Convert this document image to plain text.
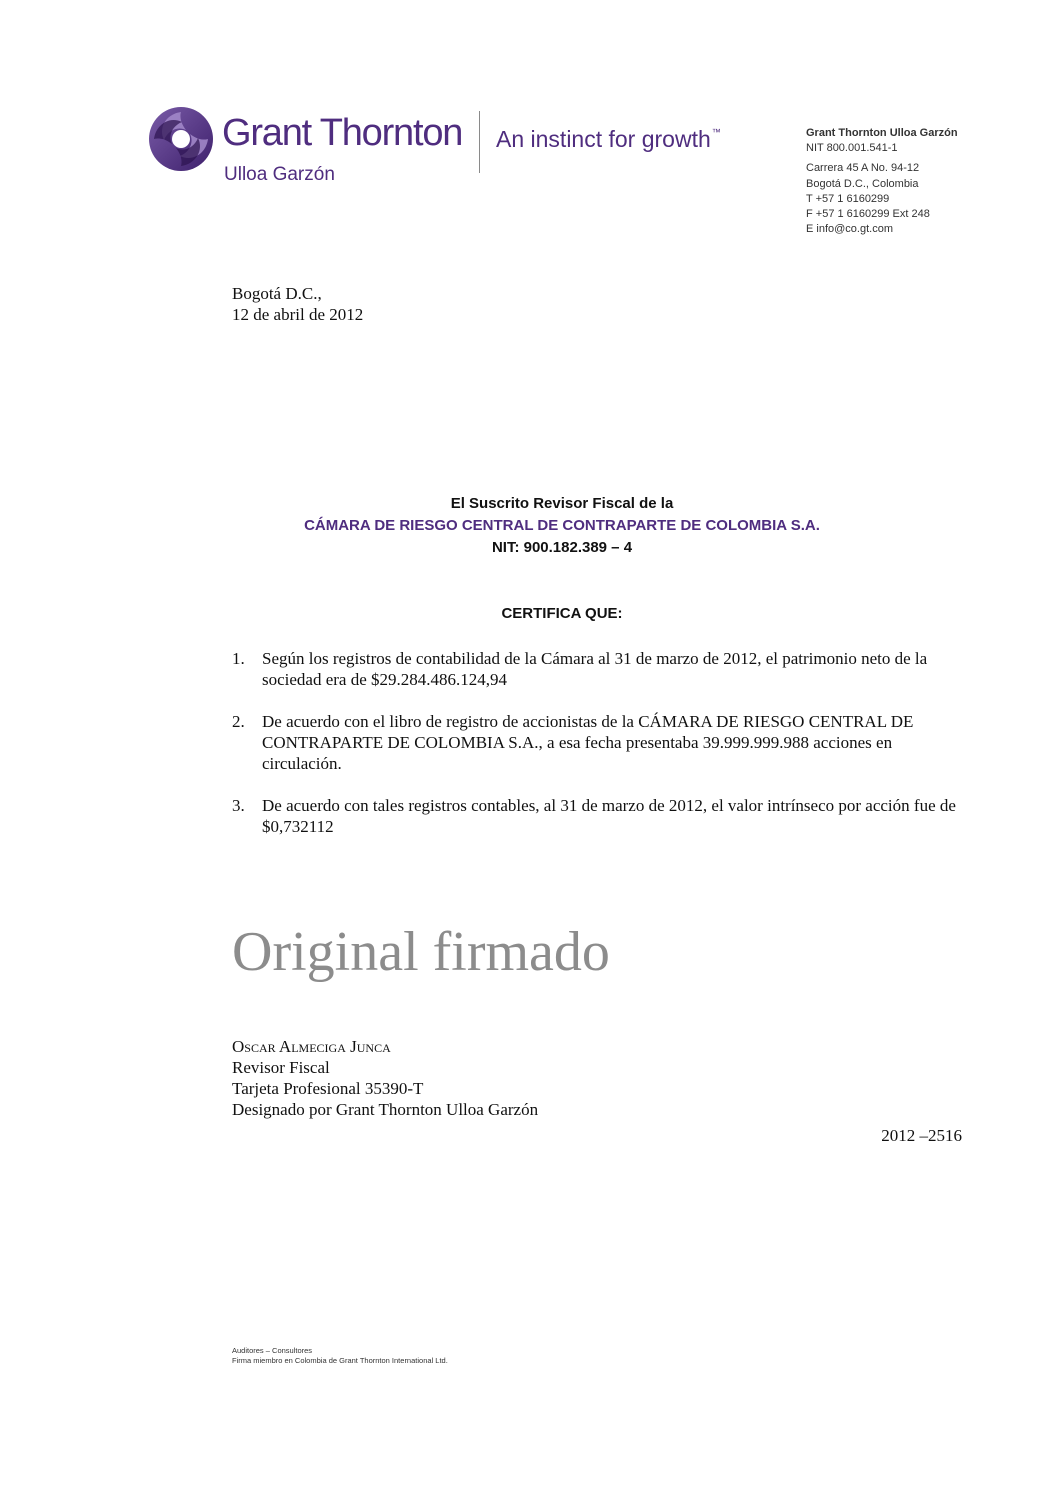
Grant Thornton
Ulloa Garzón
An instinct for growth™	Grant Thornton Ulloa Garzón
NIT 800.001.541-1
Carrera 45 A No. 94-12
Bogotá D.C., Colombia
T +57 1 6160299
F +57 1 6160299 Ext 248
E info@co.gt.com
Bogotá D.C.,
12 de abril de 2012
El Suscrito Revisor Fiscal de la
CÁMARA DE RIESGO CENTRAL DE CONTRAPARTE DE COLOMBIA S.A.
NIT: 900.182.389 – 4
CERTIFICA QUE:
1. Según los registros de contabilidad de la Cámara al 31 de marzo de 2012, el patrimonio neto de la sociedad era de $29.284.486.124,94
2. De acuerdo con el libro de registro de accionistas de la CÁMARA DE RIESGO CENTRAL DE CONTRAPARTE DE COLOMBIA S.A., a esa fecha presentaba 39.999.999.988 acciones en circulación.
3. De acuerdo con tales registros contables, al 31 de marzo de 2012, el valor intrínseco por acción fue de $0,732112
Original firmado
Oscar Almeciga Junca
Revisor Fiscal
Tarjeta Profesional 35390-T
Designado por Grant Thornton Ulloa Garzón
2012 –2516
Auditores – Consultores
Firma miembro en Colombia de Grant Thornton International Ltd.
